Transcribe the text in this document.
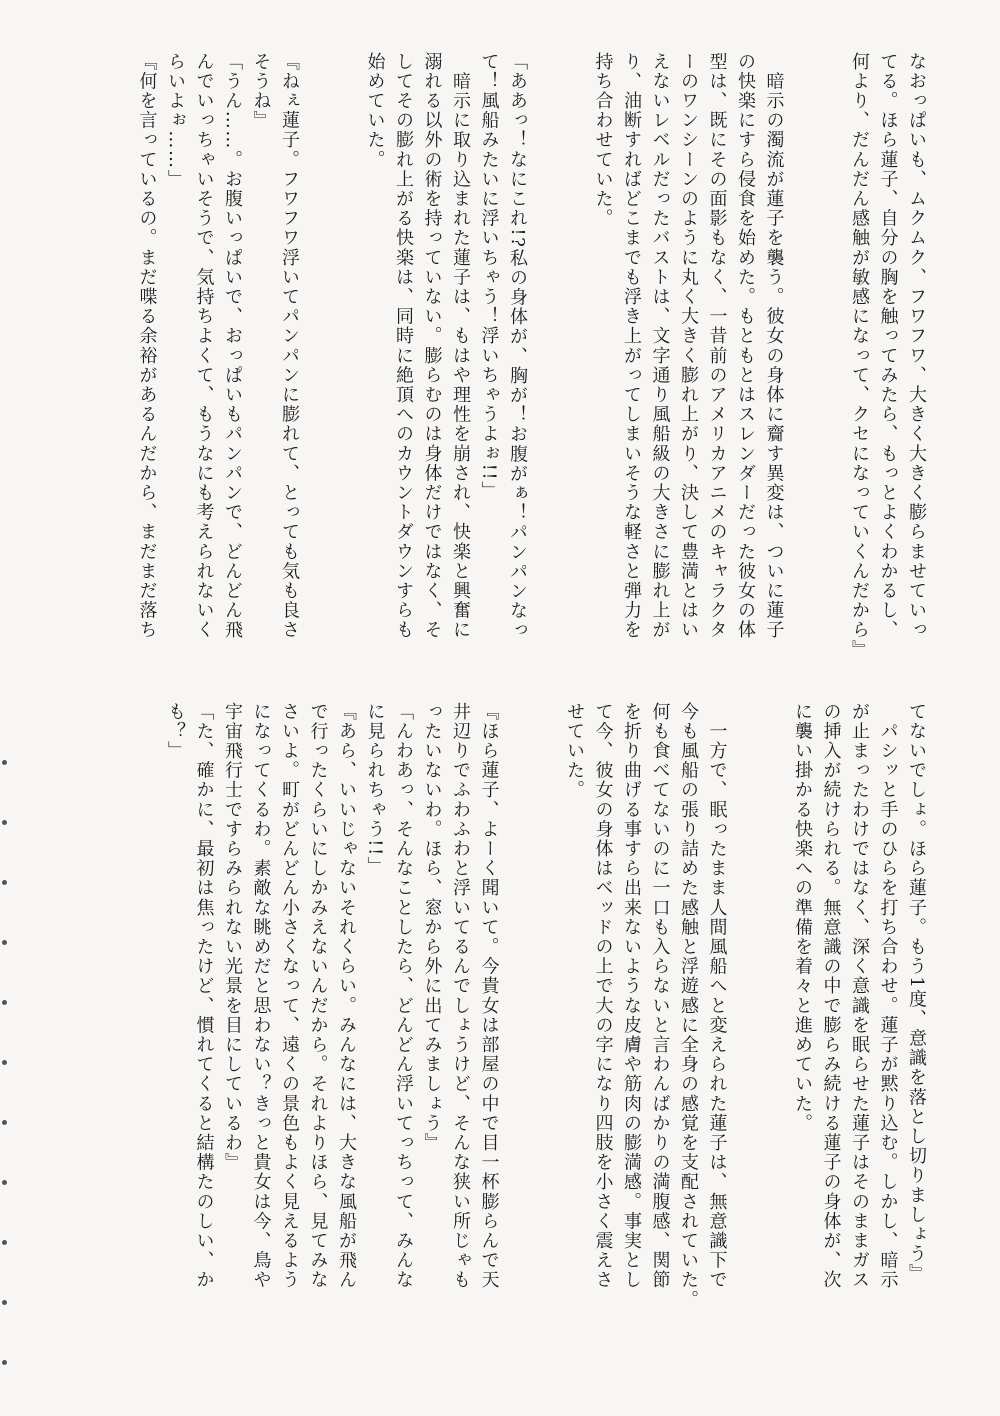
なおっぱいも、ムクムク、フワフワ、大きく大きく膨らませていっ
てる。ほら蓮子、自分の胸を触ってみたら、もっとよくわかるし、
何より、だんだん感触が敏感になって、クセになっていくんだから』

　暗示の濁流が蓮子を襲う。彼女の身体に齎す異変は、ついに蓮子
の快楽にすら侵食を始めた。もともとはスレンダーだった彼女の体
型は、既にその面影もなく、一昔前のアメリカアニメのキャラクタ
ーのワンシーンのように丸く大きく膨れ上がり、決して豊満とはい
えないレベルだったバストは、文字通り風船級の大きさに膨れ上が
り、油断すればどこまでも浮き上がってしまいそうな軽さと弾力を
持ち合わせていた。

「ああっ！なにこれ!?私の身体が、胸が！お腹がぁ！パンパンなっ
て！風船みたいに浮いちゃう！浮いちゃうよぉ!!」
　暗示に取り込まれた蓮子は、もはや理性を崩され、快楽と興奮に
溺れる以外の術を持っていない。膨らむのは身体だけではなく、そ
してその膨れ上がる快楽は、同時に絶頂へのカウントダウンすらも
始めていた。

『ねぇ蓮子。フワフワ浮いてパンパンに膨れて、とっても気も良さ
そうね』
「うん……。お腹いっぱいで、おっぱいもパンパンで、どんどん飛
んでいっちゃいそうで、気持ちよくて、もうなにも考えられないく
らいよぉ……」
『何を言っているの。まだ喋る余裕があるんだから、まだまだ落ち
てないでしょ。ほら蓮子。もう1度、意識を落とし切りましょう』
　パシッと手のひらを打ち合わせ。蓮子が黙り込む。しかし、暗示
が止まったわけではなく、深く意識を眠らせた蓮子はそのままガス
の挿入が続けられる。無意識の中で膨らみ続ける蓮子の身体が、次
に襲い掛かる快楽への準備を着々と進めていた。

　一方で、眠ったまま人間風船へと変えられた蓮子は、無意識下で
今も風船の張り詰めた感触と浮遊感に全身の感覚を支配されていた。
何も食べてないのに一口も入らないと言わんばかりの満腹感、関節
を折り曲げる事すら出来ないような皮膚や筋肉の膨満感。事実とし
て今、彼女の身体はベッドの上で大の字になり四肢を小さく震えさ
せていた。

『ほら蓮子、よーく聞いて。今貴女は部屋の中で目一杯膨らんで天
井辺りでふわふわと浮いてるんでしょうけど、そんな狭い所じゃも
ったいないわ。ほら、窓から外に出てみましょう』
「んわあっ、そんなことしたら、どんどん浮いてっちって、みんな
に見られちゃう!!」
『あら、いいじゃないそれくらい。みんなには、大きな風船が飛ん
で行ったくらいにしかみえないんだから。それよりほら、見てみな
さいよ。町がどんどん小さくなって、遠くの景色もよく見えるよう
になってくるわ。素敵な眺めだと思わない？きっと貴女は今、鳥や
宇宙飛行士ですらみられない光景を目にしているわ』
「た、確かに、最初は焦ったけど、慣れてくると結構たのしい、か
も？」
